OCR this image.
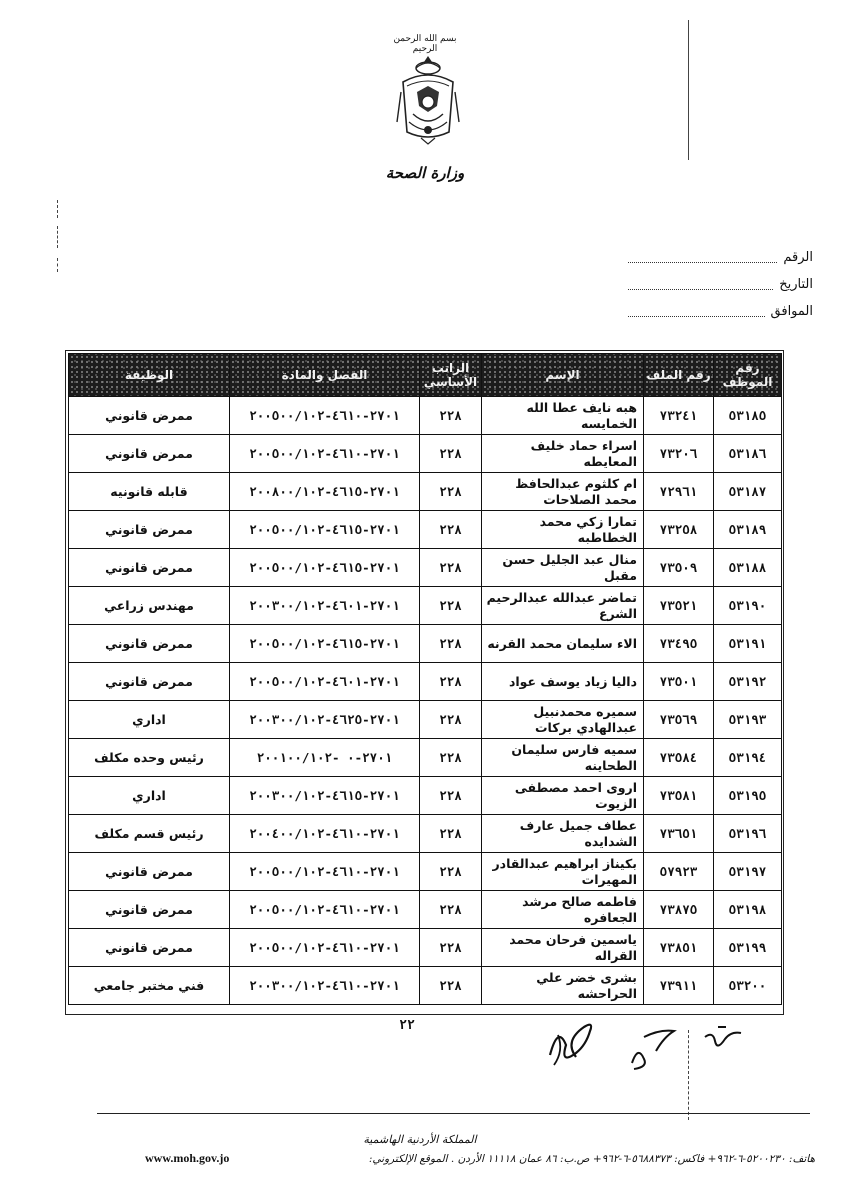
بسم الله الرحمن الرحيم
وزارة الصحة
الرقم
التاريخ
الموافق
رقم الموظف	رقم الملف	الإسم	الراتب الأساسي	الفصل والمادة	الوظيفة
٥٣١٨٥	٧٣٢٤١	هبه نايف عطا الله الخمايسه	٢٢٨	٢٧٠١-٤٦١٠-٢٠٠٥٠٠/١٠٢	ممرض قانوني
٥٣١٨٦	٧٣٢٠٦	اسراء حماد خليف المعايطه	٢٢٨	٢٧٠١-٤٦١٠-٢٠٠٥٠٠/١٠٢	ممرض قانوني
٥٣١٨٧	٧٢٩٦١	ام كلثوم عبدالحافظ محمد الصلاحات	٢٢٨	٢٧٠١-٤٦١٥-٢٠٠٨٠٠/١٠٢	قابله قانونيه
٥٣١٨٩	٧٣٢٥٨	تمارا زكي محمد الخطاطبه	٢٢٨	٢٧٠١-٤٦١٥-٢٠٠٥٠٠/١٠٢	ممرض قانوني
٥٣١٨٨	٧٣٥٠٩	منال عبد الجليل حسن مقبل	٢٢٨	٢٧٠١-٤٦١٥-٢٠٠٥٠٠/١٠٢	ممرض قانوني
٥٣١٩٠	٧٣٥٢١	تماضر عبدالله عبدالرحيم الشرع	٢٢٨	٢٧٠١-٤٦٠١-٢٠٠٣٠٠/١٠٢	مهندس زراعي
٥٣١٩١	٧٣٤٩٥	الاء سليمان محمد القرنه	٢٢٨	٢٧٠١-٤٦١٥-٢٠٠٥٠٠/١٠٢	ممرض قانوني
٥٣١٩٢	٧٣٥٠١	داليا زياد يوسف عواد	٢٢٨	٢٧٠١-٤٦٠١-٢٠٠٥٠٠/١٠٢	ممرض قانوني
٥٣١٩٣	٧٣٥٦٩	سميره محمدنبيل عبدالهادي بركات	٢٢٨	٢٧٠١-٤٦٢٥-٢٠٠٣٠٠/١٠٢	اداري
٥٣١٩٤	٧٣٥٨٤	سميه فارس سليمان الطحاينه	٢٢٨	٢٧٠١-٠ -٢٠٠١٠٠/١٠٢	رئيس وحده مكلف
٥٣١٩٥	٧٣٥٨١	اروى احمد مصطفى الزيوت	٢٢٨	٢٧٠١-٤٦١٥-٢٠٠٣٠٠/١٠٢	اداري
٥٣١٩٦	٧٣٦٥١	عطاف جميل عارف الشدايده	٢٢٨	٢٧٠١-٤٦١٠-٢٠٠٤٠٠/١٠٢	رئيس قسم مكلف
٥٣١٩٧	٥٧٩٢٣	بكيناز ابراهيم عبدالقادر المهيرات	٢٢٨	٢٧٠١-٤٦١٠-٢٠٠٥٠٠/١٠٢	ممرض قانوني
٥٣١٩٨	٧٣٨٧٥	فاطمه صالح مرشد الجعافره	٢٢٨	٢٧٠١-٤٦١٠-٢٠٠٥٠٠/١٠٢	ممرض قانوني
٥٣١٩٩	٧٣٨٥١	ياسمين فرحان محمد القراله	٢٢٨	٢٧٠١-٤٦١٠-٢٠٠٥٠٠/١٠٢	ممرض قانوني
٥٣٢٠٠	٧٣٩١١	بشرى خضر علي الحراحشه	٢٢٨	٢٧٠١-٤٦١٠-٢٠٠٣٠٠/١٠٢	فني مختبر جامعي
٢٢
المملكة الأردنية الهاشمية
www.moh.gov.jo	هاتف: ٥٢٠٠٢٣٠-٦-٩٦٢+ فاكس: ٥٦٨٨٣٧٣-٦-٩٦٢+ ص.ب: ٨٦ عمان ١١١١٨ الأردن . الموقع الإلكتروني:
